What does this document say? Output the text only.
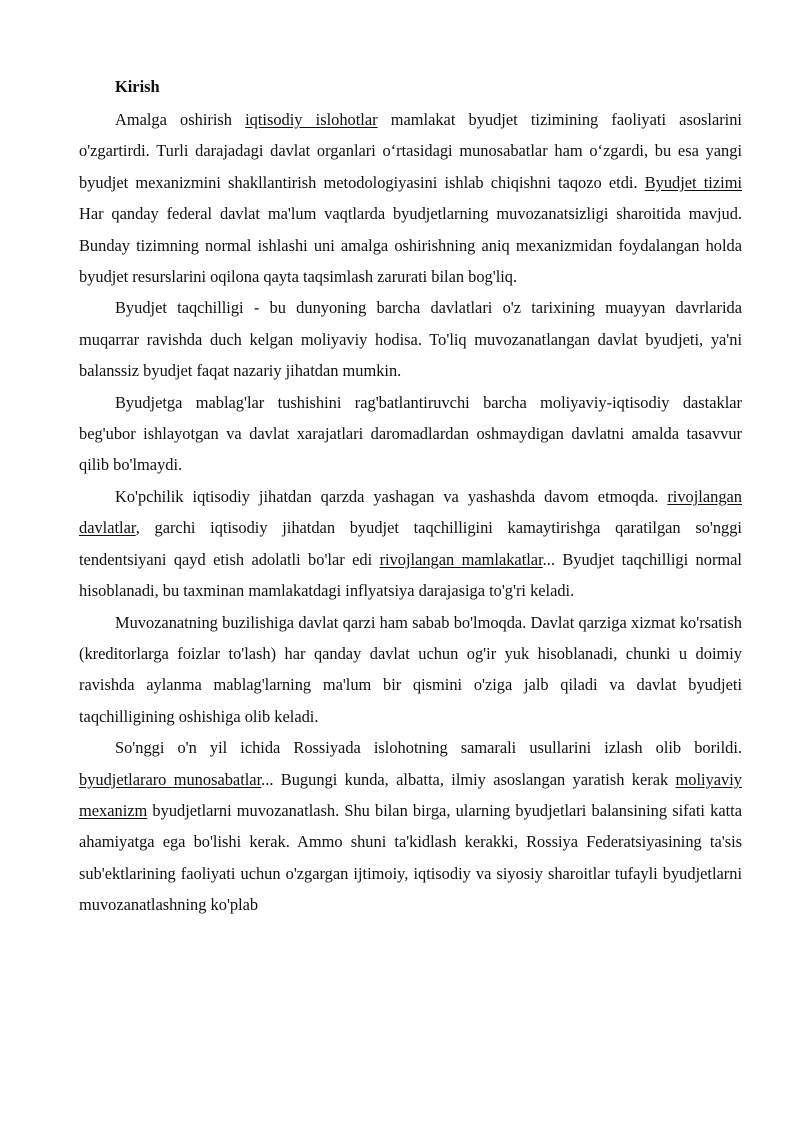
Kirish

Amalga oshirish iqtisodiy islohotlar mamlakat byudjet tizimining faoliyati asoslarini o'zgartirdi. Turli darajadagi davlat organlari o‘rtasidagi munosabatlar ham o‘zgardi, bu esa yangi byudjet mexanizmini shakllantirish metodologiyasini ishlab chiqishni taqozo etdi. Byudjet tizimi Har qanday federal davlat ma'lum vaqtlarda byudjetlarning muvozanatsizligi sharoitida mavjud. Bunday tizimning normal ishlashi uni amalga oshirishning aniq mexanizmidan foydalangan holda byudjet resurslarini oqilona qayta taqsimlash zarurati bilan bog'liq.

Byudjet taqchilligi - bu dunyoning barcha davlatlari o'z tarixining muayyan davrlarida muqarrar ravishda duch kelgan moliyaviy hodisa. To'liq muvozanatlangan davlat byudjeti, ya'ni balanssiz byudjet faqat nazariy jihatdan mumkin.

Byudjetga mablag'lar tushishini rag'batlantiruvchi barcha moliyaviy-iqtisodiy dastaklar beg'ubor ishlayotgan va davlat xarajatlari daromadlardan oshmaydigan davlatni amalda tasavvur qilib bo'lmaydi.

Ko'pchilik iqtisodiy jihatdan qarzda yashagan va yashashda davom etmoqda. rivojlangan davlatlar, garchi iqtisodiy jihatdan byudjet taqchilligini kamaytirishga qaratilgan so'nggi tendentsiyani qayd etish adolatli bo'lar edi rivojlangan mamlakatlar... Byudjet taqchilligi normal hisoblanadi, bu taxminan mamlakatdagi inflyatsiya darajasiga to'g'ri keladi.

Muvozanatning buzilishiga davlat qarzi ham sabab bo'lmoqda. Davlat qarziga xizmat ko'rsatish (kreditorlarga foizlar to'lash) har qanday davlat uchun og'ir yuk hisoblanadi, chunki u doimiy ravishda aylanma mablag'larning ma'lum bir qismini o'ziga jalb qiladi va davlat byudjeti taqchilligining oshishiga olib keladi.

So'nggi o'n yil ichida Rossiyada islohotning samarali usullarini izlash olib borildi. byudjetlararo munosabatlar... Bugungi kunda, albatta, ilmiy asoslangan yaratish kerak moliyaviy mexanizm byudjetlarni muvozanatlash. Shu bilan birga, ularning byudjetlari balansining sifati katta ahamiyatga ega bo'lishi kerak. Ammo shuni ta'kidlash kerakki, Rossiya Federatsiyasining ta'sis sub'ektlarining faoliyati uchun o'zgargan ijtimoiy, iqtisodiy va siyosiy sharoitlar tufayli byudjetlarni muvozanatlashning ko'plab
